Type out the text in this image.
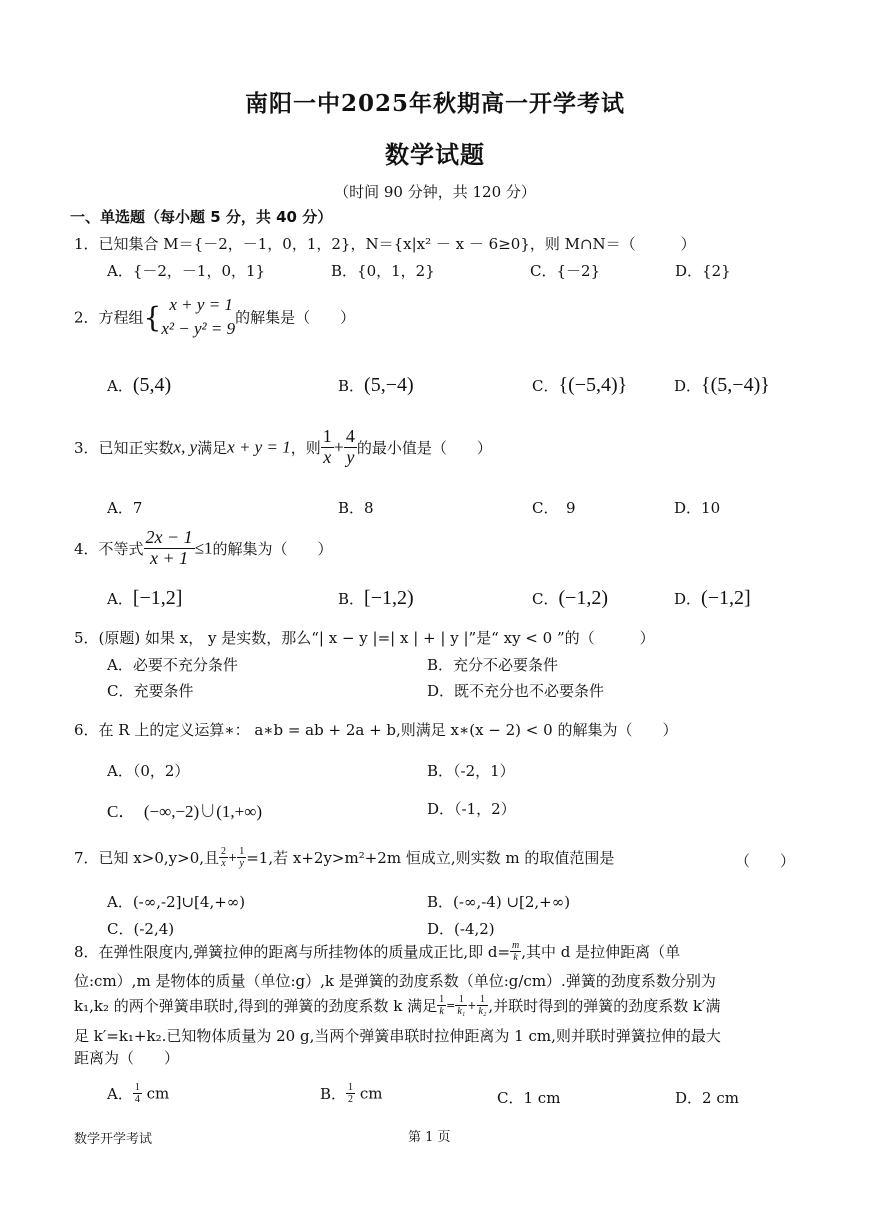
南阳一中2025年秋期高一开学考试
数学试题
（时间 90 分钟，共 120 分）
一、单选题（每小题 5 分，共 40 分）
1．已知集合 M＝{－2，－1，0，1，2}，N＝{x|x² － x － 6≥0}，则 M∩N＝（　　　）
A．{－2，－1，0，1}	B．{0，1，2}	C．{－2}	D．{2}
2．方程组{ x + y = 1
x² − y² = 9
的解集是（　　）
A．(5,4)	B．(5,−4)	C．{(−5,4)}	D．{(5,−4)}
3．已知正实数x, y满足x + y = 1，则 $\frac{1}{x} + \frac{4}{y}$ 的最小值是（　　）
A．7	B．8	C．　9	D．10
4．不等式 $\frac{2x - 1}{x + 1} \le 1$的解集为（　　）
A．[−1,2]	B．[−1,2)	C．(−1,2)	D．(−1,2]
5．(原题) 如果 x， y 是实数，那么“| x − y |=| x | + | y |”是“ xy < 0 ”的（　　　）
A．必要不充分条件	B．充分不必要条件
C．充要条件	D．既不充分也不必要条件
6．在 R 上的定义运算∗： a∗b = ab + 2a + b,则满足 x∗(x − 2) < 0 的解集为（　　）
A．（0，2）	B．（-2，1）
C．　(−∞,−2)∪(1,+∞)	D．（-1，2）
7．已知 x>0,y>0,且 $\frac{2}{x} + \frac{1}{y} =1$,若 x+2y>m²+2m 恒成立,则实数 m 的取值范围是	（　　）
A．(-∞,-2]∪[4,+∞)	B．(-∞,-4) ∪[2,+∞)
C．(-2,4)	D．(-4,2)
8．在弹性限度内,弹簧拉伸的距离与所挂物体的质量成正比,即 $d= \frac{m}{k}$ ,其中 d 是拉伸距离（单
位:cm）,m 是物体的质量（单位:g）,k 是弹簧的劲度系数（单位:g/cm）.弹簧的劲度系数分别为
k₁,k₂ 的两个弹簧串联时,得到的弹簧的劲度系数 k 满足 $\frac{1}{k} = \frac{1}{\text{k₁}} + \frac{1}{\text{k₂}}$ ,并联时得到的弹簧的劲度系数 k′满
足 k′=k₁+k₂.已知物体质量为 20 g,当两个弹簧串联时拉伸距离为 1 cm,则并联时弹簧拉伸的最大
距离为（　　）
A． $\frac{1}{4}$ cm	B． $\frac{1}{2}$ cm	C．1 cm	D．2 cm
数学开学考试	第 1 页
